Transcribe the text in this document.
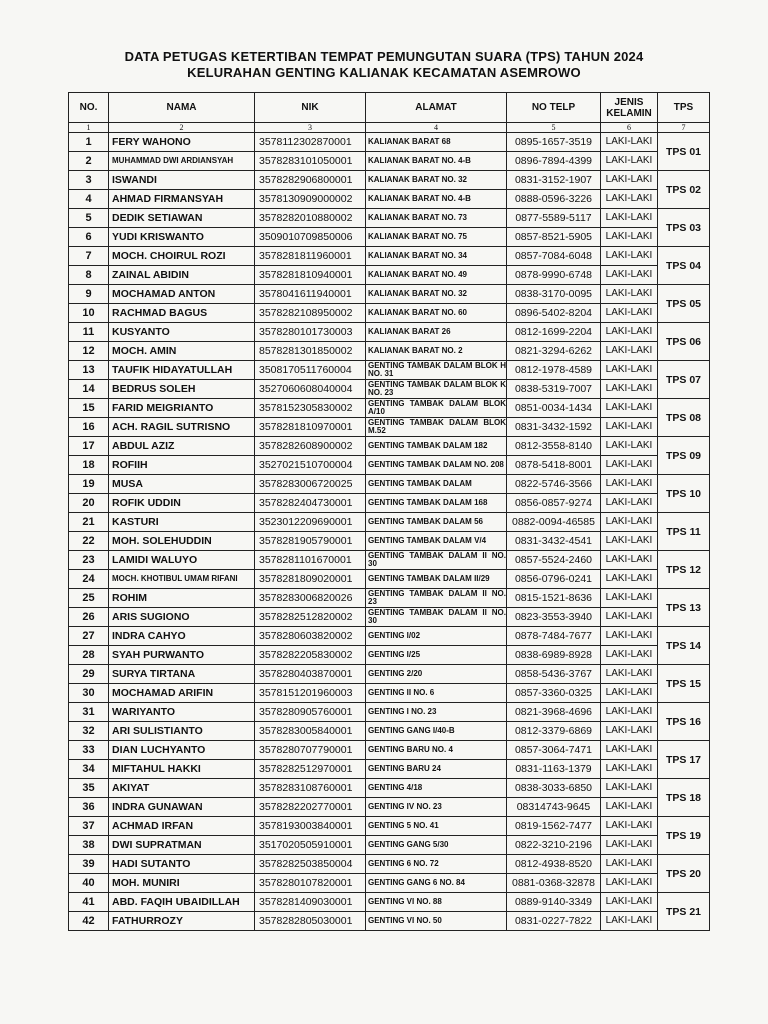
DATA PETUGAS KETERTIBAN TEMPAT PEMUNGUTAN SUARA (TPS) TAHUN 2024
KELURAHAN GENTING KALIANAK KECAMATAN ASEMROWO
NO.	NAMA	NIK	ALAMAT	NO TELP	JENIS KELAMIN	TPS
1	2	3	4	5	6	7
1	FERY WAHONO	3578112302870001	KALIANAK BARAT 68	0895-1657-3519	LAKI-LAKI	TPS 01
2	MUHAMMAD DWI ARDIANSYAH	3578283101050001	KALIANAK BARAT NO. 4-B	0896-7894-4399	LAKI-LAKI	
3	ISWANDI	3578282906800001	KALIANAK BARAT NO. 32	0831-3152-1907	LAKI-LAKI	TPS 02
4	AHMAD FIRMANSYAH	3578130909000002	KALIANAK BARAT NO. 4-B	0888-0596-3226	LAKI-LAKI	
5	DEDIK SETIAWAN	3578282010880002	KALIANAK BARAT NO. 73	0877-5589-5117	LAKI-LAKI	TPS 03
6	YUDI KRISWANTO	3509010709850006	KALIANAK BARAT NO. 75	0857-8521-5905	LAKI-LAKI	
7	MOCH. CHOIRUL ROZI	3578281811960001	KALIANAK BARAT NO. 34	0857-7084-6048	LAKI-LAKI	TPS 04
8	ZAINAL ABIDIN	3578281810940001	KALIANAK BARAT NO. 49	0878-9990-6748	LAKI-LAKI	
9	MOCHAMAD ANTON	3578041611940001	KALIANAK BARAT NO. 32	0838-3170-0095	LAKI-LAKI	TPS 05
10	RACHMAD BAGUS	3578282108950002	KALIANAK BARAT NO. 60	0896-5402-8204	LAKI-LAKI	
11	KUSYANTO	3578280101730003	KALIANAK BARAT 26	0812-1699-2204	LAKI-LAKI	TPS 06
12	MOCH. AMIN	8578281301850002	KALIANAK BARAT NO. 2	0821-3294-6262	LAKI-LAKI	
13	TAUFIK HIDAYATULLAH	3508170511760004	GENTING TAMBAK DALAM BLOK H NO. 31	0812-1978-4589	LAKI-LAKI	TPS 07
14	BEDRUS SOLEH	3527060608040004	GENTING TAMBAK DALAM BLOK K NO. 23	0838-5319-7007	LAKI-LAKI	
15	FARID MEIGRIANTO	3578152305830002	GENTING TAMBAK DALAM BLOK A/10	0851-0034-1434	LAKI-LAKI	TPS 08
16	ACH. RAGIL SUTRISNO	3578281810970001	GENTING TAMBAK DALAM BLOK M.52	0831-3432-1592	LAKI-LAKI	
17	ABDUL AZIZ	3578282608900002	GENTING TAMBAK DALAM 182	0812-3558-8140	LAKI-LAKI	TPS 09
18	ROFIIH	3527021510700004	GENTING TAMBAK DALAM NO. 208	0878-5418-8001	LAKI-LAKI	
19	MUSA	3578283006720025	GENTING TAMBAK DALAM	0822-5746-3566	LAKI-LAKI	TPS 10
20	ROFIK UDDIN	3578282404730001	GENTING TAMBAK DALAM 168	0856-0857-9274	LAKI-LAKI	
21	KASTURI	3523012209690001	GENTING TAMBAK DALAM 56	0882-0094-46585	LAKI-LAKI	TPS 11
22	MOH. SOLEHUDDIN	3578281905790001	GENTING TAMBAK DALAM V/4	0831-3432-4541	LAKI-LAKI	
23	LAMIDI WALUYO	3578281101670001	GENTING TAMBAK DALAM II NO. 30	0857-5524-2460	LAKI-LAKI	TPS 12
24	MOCH. KHOTIBUL UMAM RIFANI	3578281809020001	GENTING TAMBAK DALAM II/29	0856-0796-0241	LAKI-LAKI	
25	ROHIM	3578283006820026	GENTING TAMBAK DALAM II NO. 23	0815-1521-8636	LAKI-LAKI	TPS 13
26	ARIS SUGIONO	3578282512820002	GENTING TAMBAK DALAM II NO. 30	0823-3553-3940	LAKI-LAKI	
27	INDRA CAHYO	3578280603820002	GENTING I/02	0878-7484-7677	LAKI-LAKI	TPS 14
28	SYAH PURWANTO	3578282205830002	GENTING I/25	0838-6989-8928	LAKI-LAKI	
29	SURYA TIRTANA	3578280403870001	GENTING 2/20	0858-5436-3767	LAKI-LAKI	TPS 15
30	MOCHAMAD ARIFIN	3578151201960003	GENTING II NO. 6	0857-3360-0325	LAKI-LAKI	
31	WARIYANTO	3578280905760001	GENTING I NO. 23	0821-3968-4696	LAKI-LAKI	TPS 16
32	ARI SULISTIANTO	3578283005840001	GENTING GANG I/40-B	0812-3379-6869	LAKI-LAKI	
33	DIAN LUCHYANTO	3578280707790001	GENTING BARU NO. 4	0857-3064-7471	LAKI-LAKI	TPS 17
34	MIFTAHUL HAKKI	3578282512970001	GENTING BARU 24	0831-1163-1379	LAKI-LAKI	
35	AKIYAT	3578283108760001	GENTING 4/18	0838-3033-6850	LAKI-LAKI	TPS 18
36	INDRA GUNAWAN	3578282202770001	GENTING IV NO. 23	08314743-9645	LAKI-LAKI	
37	ACHMAD IRFAN	3578193003840001	GENTING 5 NO. 41	0819-1562-7477	LAKI-LAKI	TPS 19
38	DWI SUPRATMAN	3517020505910001	GENTING GANG 5/30	0822-3210-2196	LAKI-LAKI	
39	HADI SUTANTO	3578282503850004	GENTING 6 NO. 72	0812-4938-8520	LAKI-LAKI	TPS 20
40	MOH. MUNIRI	3578280107820001	GENTING GANG 6 NO. 84	0881-0368-32878	LAKI-LAKI	
41	ABD. FAQIH UBAIDILLAH	3578281409030001	GENTING VI NO. 88	0889-9140-3349	LAKI-LAKI	TPS 21
42	FATHURROZY	3578282805030001	GENTING VI NO. 50	0831-0227-7822	LAKI-LAKI	
